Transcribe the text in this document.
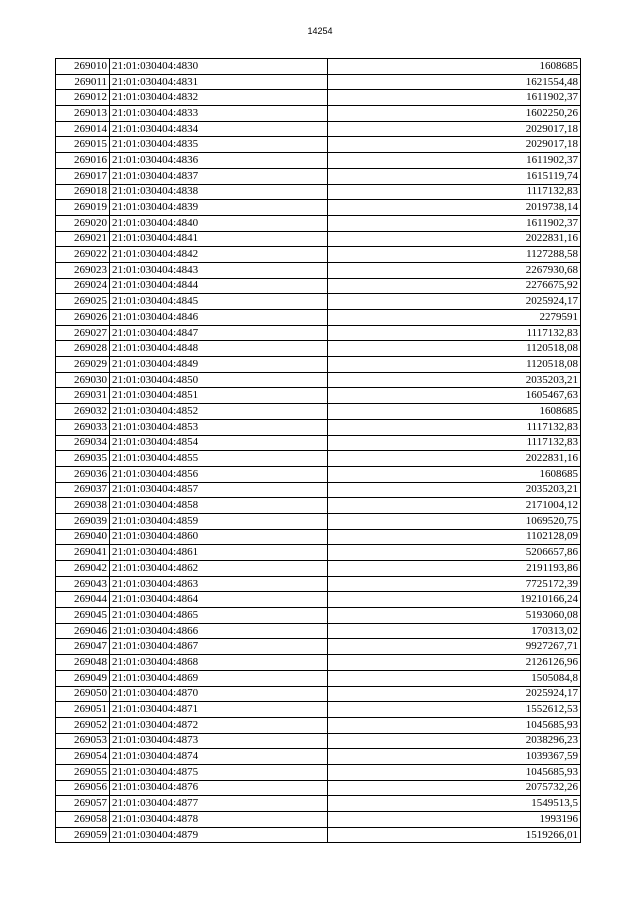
14254
269010	21:01:030404:4830	1608685
269011	21:01:030404:4831	1621554,48
269012	21:01:030404:4832	1611902,37
269013	21:01:030404:4833	1602250,26
269014	21:01:030404:4834	2029017,18
269015	21:01:030404:4835	2029017,18
269016	21:01:030404:4836	1611902,37
269017	21:01:030404:4837	1615119,74
269018	21:01:030404:4838	1117132,83
269019	21:01:030404:4839	2019738,14
269020	21:01:030404:4840	1611902,37
269021	21:01:030404:4841	2022831,16
269022	21:01:030404:4842	1127288,58
269023	21:01:030404:4843	2267930,68
269024	21:01:030404:4844	2276675,92
269025	21:01:030404:4845	2025924,17
269026	21:01:030404:4846	2279591
269027	21:01:030404:4847	1117132,83
269028	21:01:030404:4848	1120518,08
269029	21:01:030404:4849	1120518,08
269030	21:01:030404:4850	2035203,21
269031	21:01:030404:4851	1605467,63
269032	21:01:030404:4852	1608685
269033	21:01:030404:4853	1117132,83
269034	21:01:030404:4854	1117132,83
269035	21:01:030404:4855	2022831,16
269036	21:01:030404:4856	1608685
269037	21:01:030404:4857	2035203,21
269038	21:01:030404:4858	2171004,12
269039	21:01:030404:4859	1069520,75
269040	21:01:030404:4860	1102128,09
269041	21:01:030404:4861	5206657,86
269042	21:01:030404:4862	2191193,86
269043	21:01:030404:4863	7725172,39
269044	21:01:030404:4864	19210166,24
269045	21:01:030404:4865	5193060,08
269046	21:01:030404:4866	170313,02
269047	21:01:030404:4867	9927267,71
269048	21:01:030404:4868	2126126,96
269049	21:01:030404:4869	1505084,8
269050	21:01:030404:4870	2025924,17
269051	21:01:030404:4871	1552612,53
269052	21:01:030404:4872	1045685,93
269053	21:01:030404:4873	2038296,23
269054	21:01:030404:4874	1039367,59
269055	21:01:030404:4875	1045685,93
269056	21:01:030404:4876	2075732,26
269057	21:01:030404:4877	1549513,5
269058	21:01:030404:4878	1993196
269059	21:01:030404:4879	1519266,01
